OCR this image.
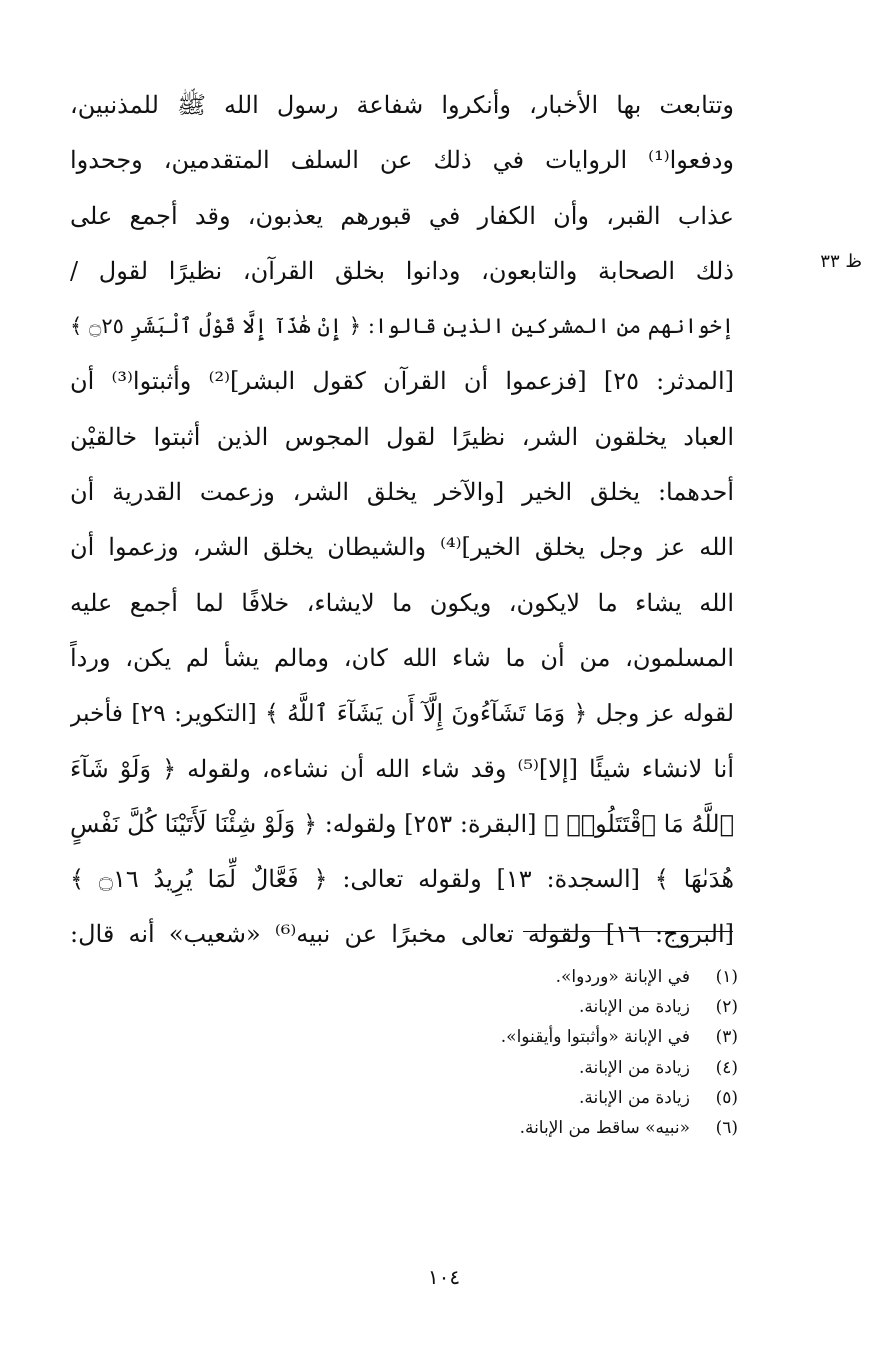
ظ ٣٣
وتتابعت بها الأخبار، وأنكروا شفاعة رسول الله ﷺ للمذنبين،
ودفعوا⁽¹⁾ الروايات في ذلك عن السلف المتقدمين، وجحدوا
عذاب القبر، وأن الكفار في قبورهم يعذبون، وقد أجمع على
ذلك الصحابة والتابعون، ودانوا بخلق القرآن، نظيرًا لقول /
إخوانهم من المشركين الذين قالوا: ﴿ إِنْ هَٰذَآ إِلَّا قَوْلُ ٱلْبَشَرِ ۝٢٥ ﴾
[المدثر: ٢٥] [فزعموا أن القرآن كقول البشر]⁽²⁾ وأثبتوا⁽³⁾ أن
العباد يخلقون الشر، نظيرًا لقول المجوس الذين أثبتوا خالقيْن
أحدهما: يخلق الخير [والآخر يخلق الشر، وزعمت القدرية أن
الله عز وجل يخلق الخير]⁽⁴⁾ والشيطان يخلق الشر، وزعموا أن
الله يشاء ما لايكون، ويكون ما لايشاء، خلافًا لما أجمع عليه
المسلمون، من أن ما شاء الله كان، ومالم يشأ لم يكن، ورداً
لقوله عز وجل ﴿ وَمَا تَشَآءُونَ إِلَّآ أَن يَشَآءَ ٱللَّهُ ﴾ [التكوير: ٢٩] فأخبر
أنا لانشاء شيئًا [إلا]⁽⁵⁾ وقد شاء الله أن نشاءه، ولقوله ﴿ وَلَوْ شَآءَ
ٱللَّهُ مَا ٱقْتَتَلُوا۟ ﴾ [البقرة: ٢٥٣] ولقوله: ﴿ وَلَوْ شِئْنَا لَأَتَيْنَا كُلَّ نَفْسٍ
هُدَىٰهَا ﴾ [السجدة: ١٣] ولقوله تعالى: ﴿ فَعَّالٌ لِّمَا يُرِيدُ ۝١٦ ﴾
[البروج: ١٦] ولقوله تعالى مخبرًا عن نبيه⁽⁶⁾ «شعيب» أنه قال:
(١)
في الإبانة «وردوا».
(٢)
زيادة من الإبانة.
(٣)
في الإبانة «وأثبتوا وأيقنوا».
(٤)
زيادة من الإبانة.
(٥)
زيادة من الإبانة.
(٦)
«نبيه» ساقط من الإبانة.
١٠٤
